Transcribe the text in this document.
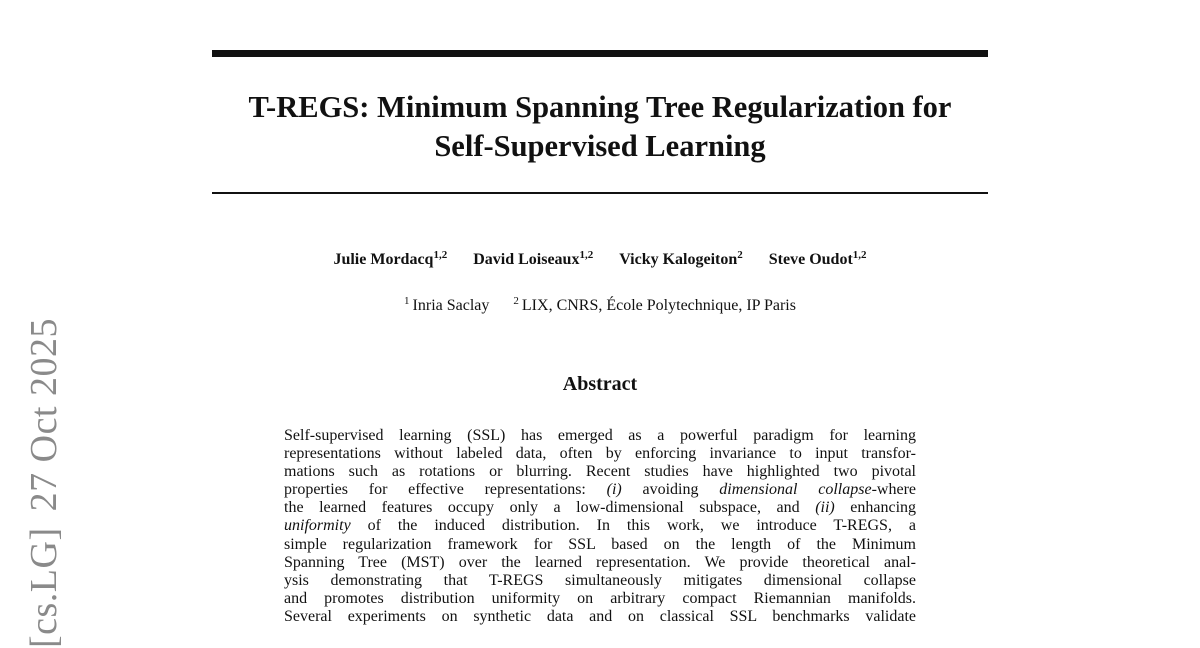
[cs.LG]27 Oct 2025
T-REGS: Minimum Spanning Tree Regularization for
Self-Supervised Learning
Julie Mordacq$^{1,2}$ David Loiseaux$^{1,2}$ Vicky Kalogeiton$^2$ Steve Oudot$^{1,2}$
$^1$ Inria Saclay $^2$ LIX, CNRS, École Polytechnique, IP Paris
Abstract
Self-supervised learning (SSL) has emerged as a powerful paradigm for learning
representations without labeled data, often by enforcing invariance to input transfor-
mations such as rotations or blurring. Recent studies have highlighted two pivotal
properties for effective representations: (i) avoiding dimensional collapse-where
the learned features occupy only a low-dimensional subspace, and (ii) enhancing
uniformity of the induced distribution. In this work, we introduce T-REGS, a
simple regularization framework for SSL based on the length of the Minimum
Spanning Tree (MST) over the learned representation. We provide theoretical anal-
ysis demonstrating that T-REGS simultaneously mitigates dimensional collapse
and promotes distribution uniformity on arbitrary compact Riemannian manifolds.
Several experiments on synthetic data and on classical SSL benchmarks validate
